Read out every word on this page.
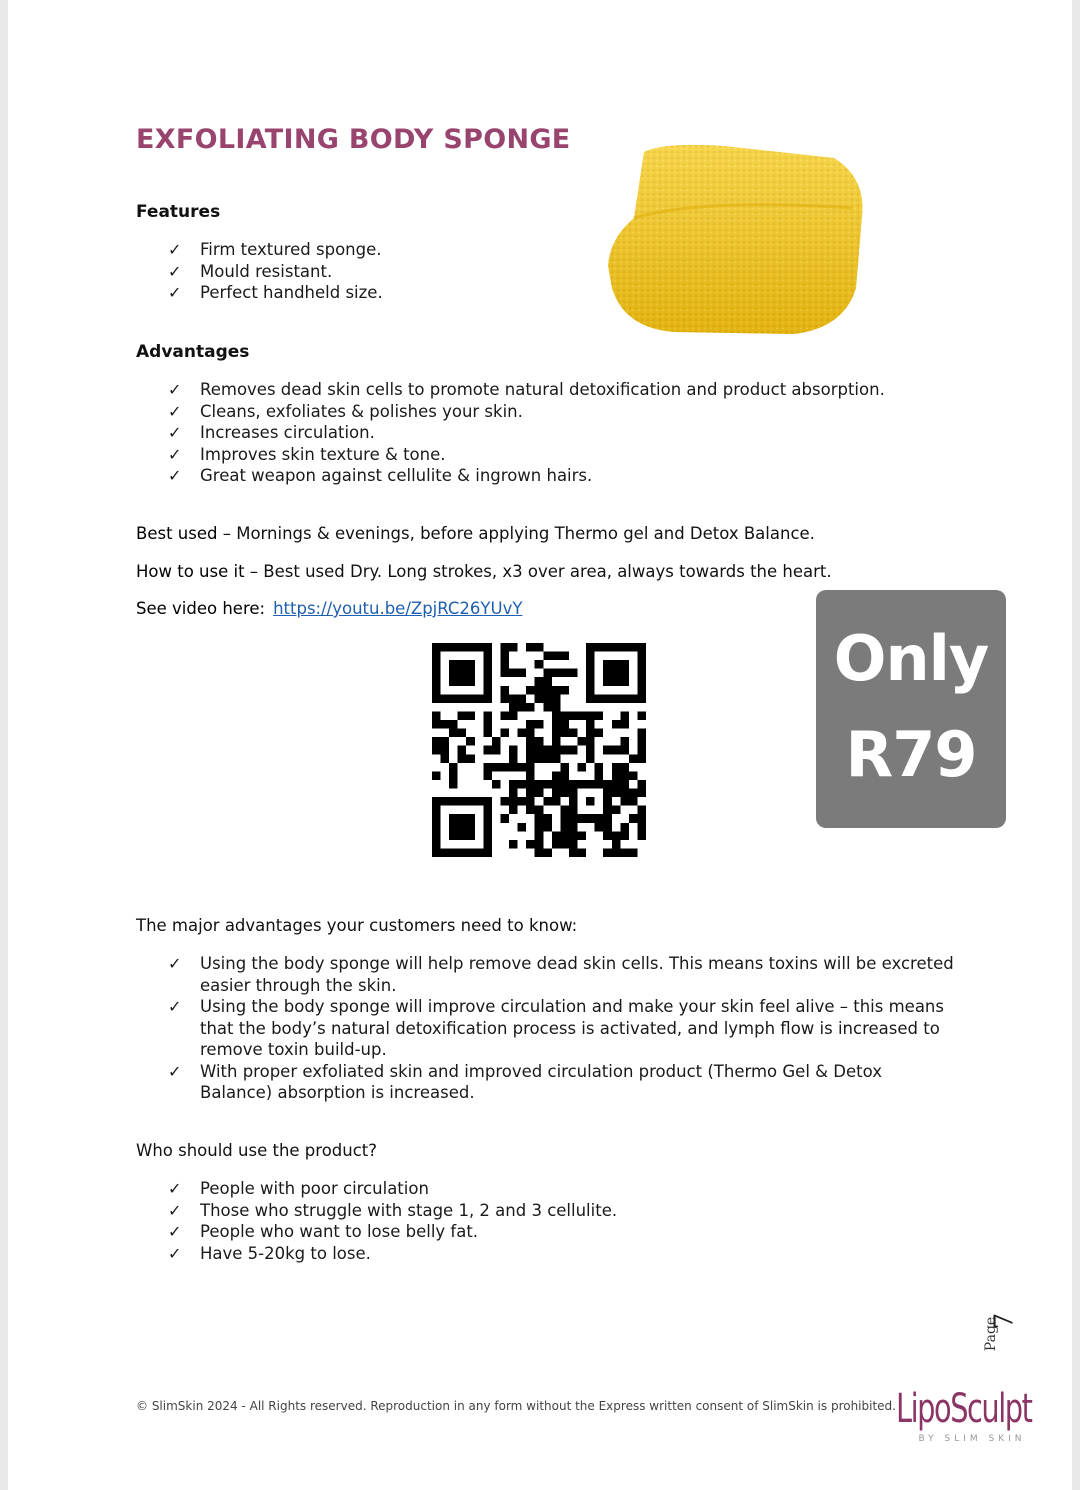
EXFOLIATING BODY SPONGE
Features
✓ Firm textured sponge.
✓ Mould resistant.
✓ Perfect handheld size.
Advantages
✓ Removes dead skin cells to promote natural detoxification and product absorption.
✓ Cleans, exfoliates & polishes your skin.
✓ Increases circulation.
✓ Improves skin texture & tone.
✓ Great weapon against cellulite & ingrown hairs.
Best used – Mornings & evenings, before applying Thermo gel and Detox Balance.
How to use it – Best used Dry. Long strokes, x3 over area, always towards the heart.
See video here: https://youtu.be/ZpjRC26YUvY
Only
R79
The major advantages your customers need to know:
✓ Using the body sponge will help remove dead skin cells. This means toxins will be excreted easier through the skin.
✓ Using the body sponge will improve circulation and make your skin feel alive – this means that the body’s natural detoxification process is activated, and lymph flow is increased to remove toxin build-up.
✓ With proper exfoliated skin and improved circulation product (Thermo Gel & Detox Balance) absorption is increased.
Who should use the product?
✓ People with poor circulation
✓ Those who struggle with stage 1, 2 and 3 cellulite.
✓ People who want to lose belly fat.
✓ Have 5-20kg to lose.
Page
7
© SlimSkin 2024 - All Rights reserved. Reproduction in any form without the Express written consent of SlimSkin is prohibited. LipoSculpt
BY SLIM SKIN
